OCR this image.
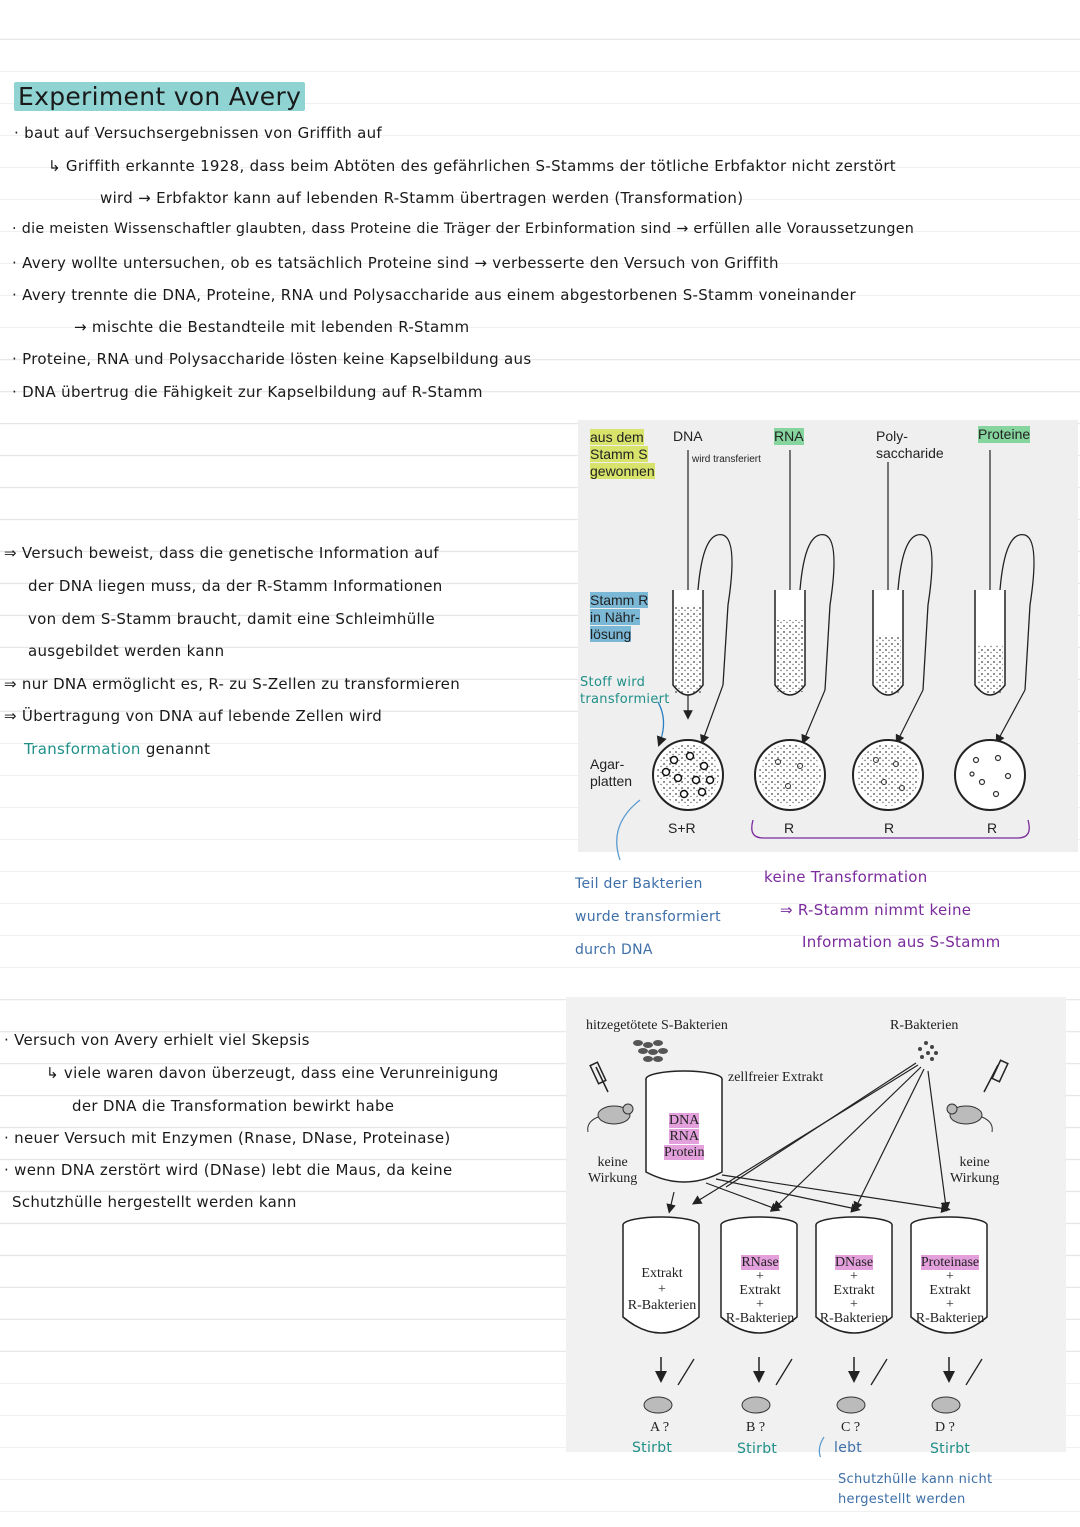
Experiment von Avery
· baut auf Versuchsergebnissen von Griffith auf
↳ Griffith erkannte 1928, dass beim Abtöten des gefährlichen S-Stamms der tötliche Erbfaktor nicht zerstört
wird → Erbfaktor kann auf lebenden R-Stamm übertragen werden (Transformation)
· die meisten Wissenschaftler glaubten, dass Proteine die Träger der Erbinformation sind → erfüllen alle Voraussetzungen
· Avery wollte untersuchen, ob es tatsächlich Proteine sind → verbesserte den Versuch von Griffith
· Avery trennte die DNA, Proteine, RNA und Polysaccharide aus einem abgestorbenen S-Stamm voneinander
→ mischte die Bestandteile mit lebenden R-Stamm
· Proteine, RNA und Polysaccharide lösten keine Kapselbildung aus
· DNA übertrug die Fähigkeit zur Kapselbildung auf R-Stamm
⇒ Versuch beweist, dass die genetische Information auf
der DNA liegen muss, da der R-Stamm Informationen
von dem S-Stamm braucht, damit eine Schleimhülle
ausgebildet werden kann
⇒ nur DNA ermöglicht es, R- zu S-Zellen zu transformieren
⇒ Übertragung von DNA auf lebende Zellen wird
Transformation genannt
aus dem
Stamm S
gewonnen
DNA
wird transferiert
RNA	Poly-
saccharide
Proteine
Stamm R
in Nähr-
lösung
Stoff wird
transformiert
Agar-
platten
S+R	R	R	R
Teil der Bakterien
wurde transformiert
durch DNA
keine Transformation
⇒ R-Stamm nimmt keine
Information aus S-Stamm
· Versuch von Avery erhielt viel Skepsis
↳ viele waren davon überzeugt, dass eine Verunreinigung
der DNA die Transformation bewirkt habe
· neuer Versuch mit Enzymen (Rnase, DNase, Proteinase)
· wenn DNA zerstört wird (DNase) lebt die Maus, da keine
Schutzhülle hergestellt werden kann
hitzegetötete S-Bakterien	R-Bakterien
zellfreier Extrakt
DNA
RNA
Protein
keine
Wirkung
keine
Wirkung
Extrakt
+
R-Bakterien
RNase
+
Extrakt
+
R-Bakterien
DNase
+
Extrakt
+
R-Bakterien
Proteinase
+
Extrakt
+
R-Bakterien
A ?	B ?	C ?	D ?
Stirbt	Stirbt	lebt	Stirbt
Schutzhülle kann nicht
hergestellt werden
